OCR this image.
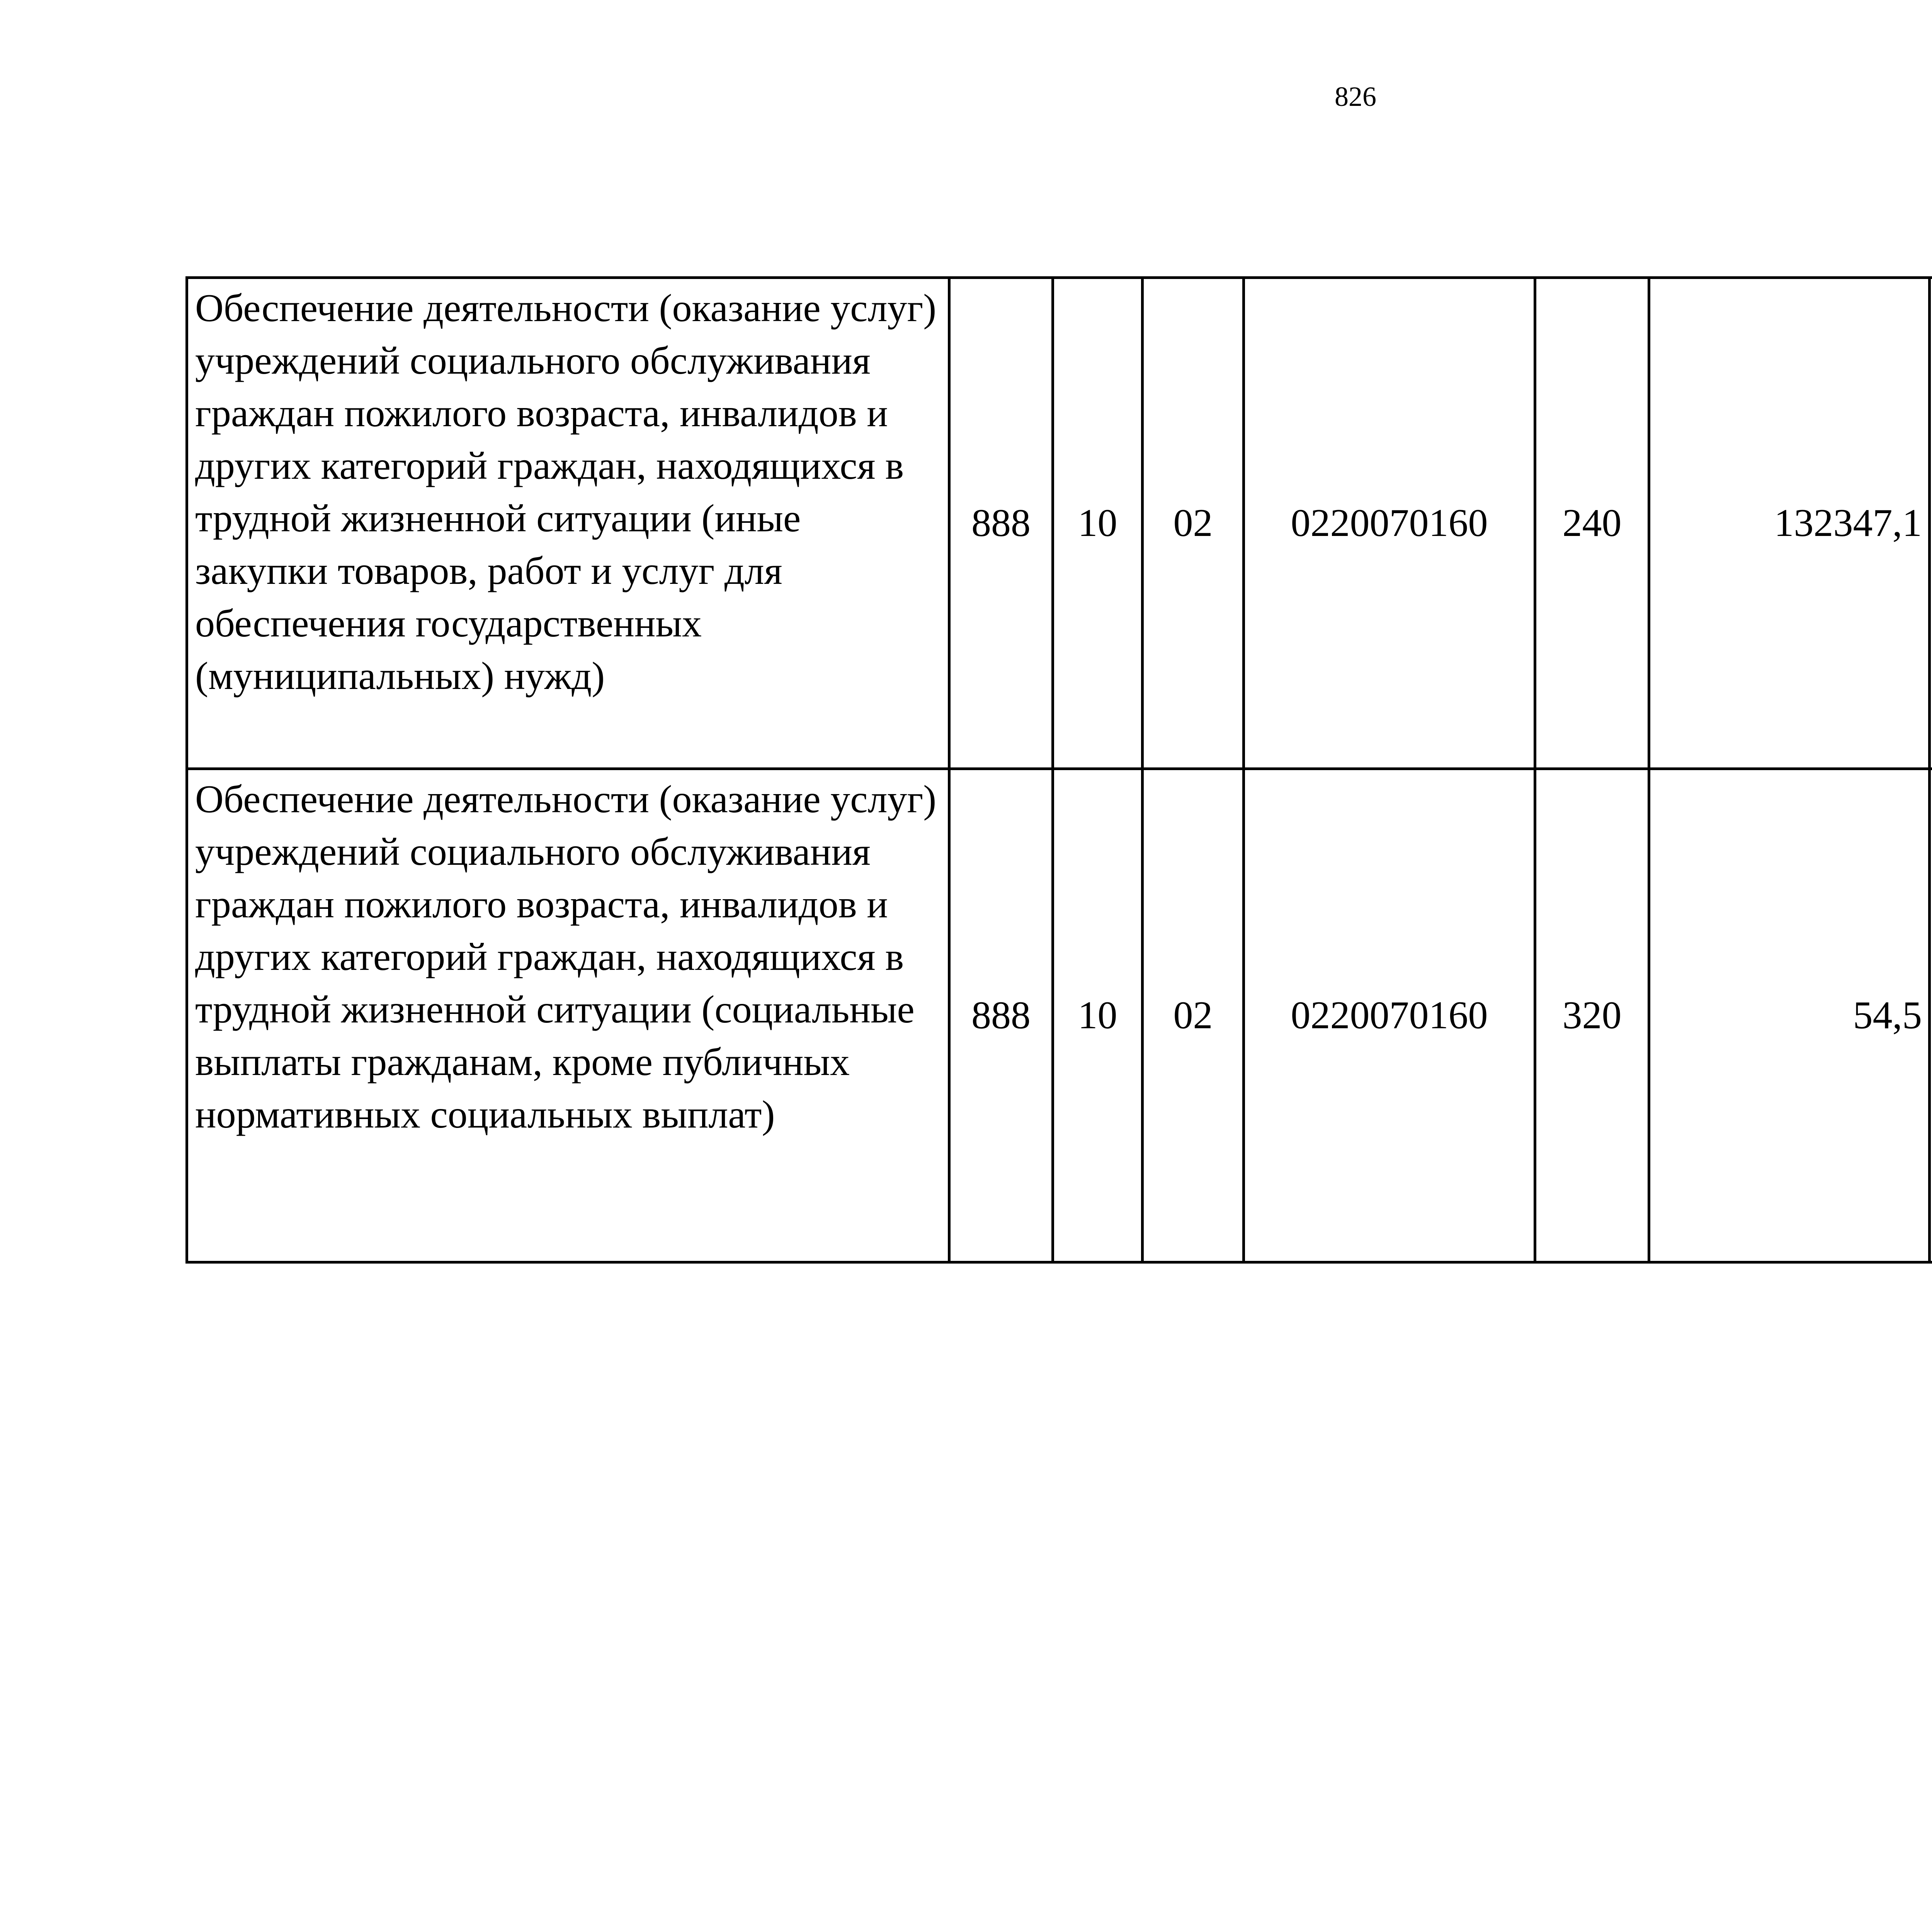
826
Обеспечение деятельности (оказание услуг) учреждений социального обслуживания граждан пожилого возраста, инвалидов и других категорий граждан, находящихся в трудной жизненной ситуации (иные закупки товаров, работ и услуг для обеспечения государственных (муниципальных) нужд)	888	10	02	0220070160	240	132347,1		
Обеспечение деятельности (оказание услуг) учреждений социального обслуживания граждан пожилого возраста, инвалидов и других категорий граждан, находящихся в трудной жизненной ситуации (социальные выплаты гражданам, кроме публичных нормативных социальных выплат)	888	10	02	0220070160	320	54,5		
